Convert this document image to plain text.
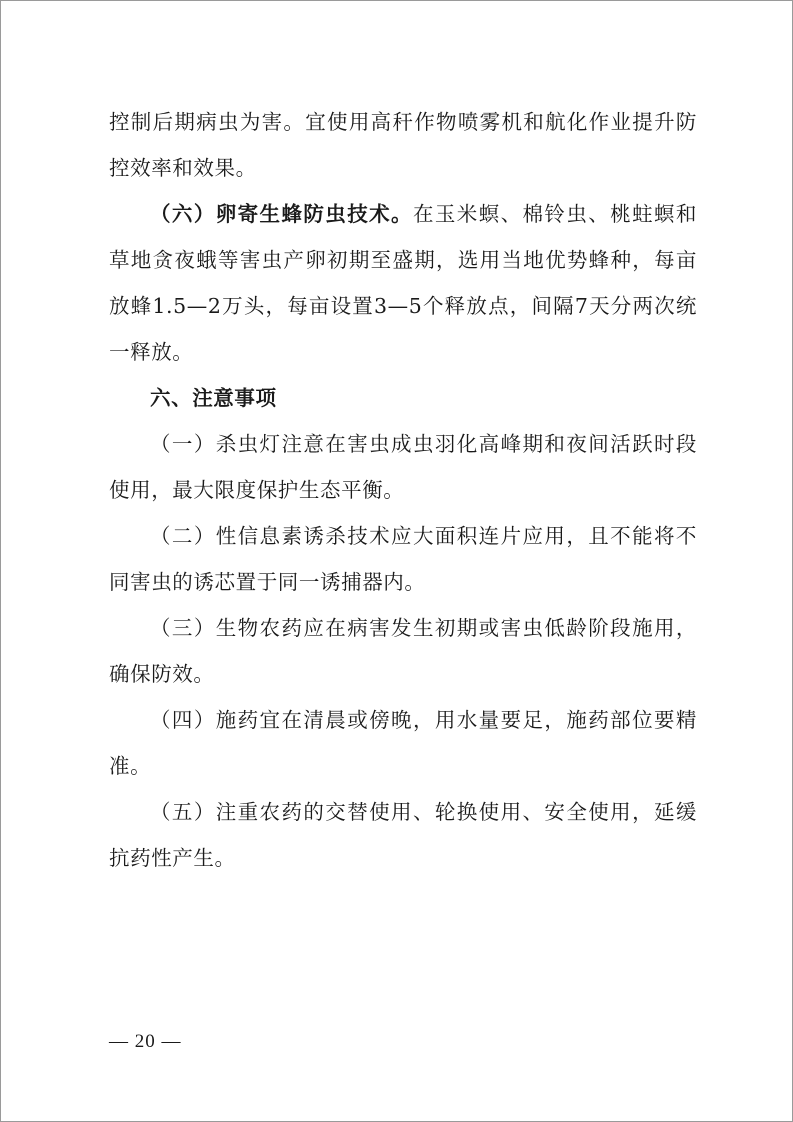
控制后期病虫为害。宜使用高秆作物喷雾机和航化作业提升防控效率和效果。

（六）卵寄生蜂防虫技术。在玉米螟、棉铃虫、桃蛀螟和草地贪夜蛾等害虫产卵初期至盛期，选用当地优势蜂种，每亩放蜂1.5—2万头，每亩设置3—5个释放点，间隔7天分两次统一释放。

六、注意事项

（一）杀虫灯注意在害虫成虫羽化高峰期和夜间活跃时段使用，最大限度保护生态平衡。

（二）性信息素诱杀技术应大面积连片应用，且不能将不同害虫的诱芯置于同一诱捕器内。

（三）生物农药应在病害发生初期或害虫低龄阶段施用，确保防效。

（四）施药宜在清晨或傍晚，用水量要足，施药部位要精准。

（五）注重农药的交替使用、轮换使用、安全使用，延缓抗药性产生。

— 20 —
